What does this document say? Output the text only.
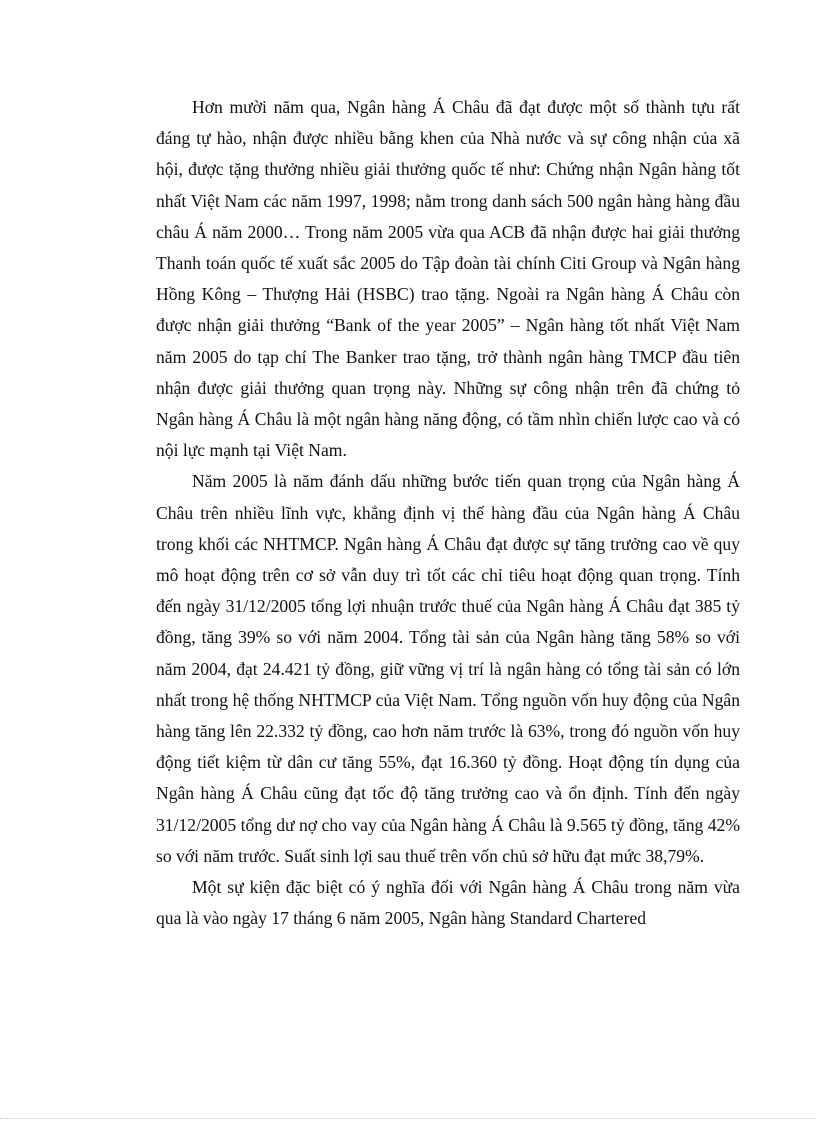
Hơn mười năm qua, Ngân hàng Á Châu đã đạt được một số thành tựu rất đáng tự hào, nhận được nhiều bằng khen của Nhà nước và sự công nhận của xã hội, được tặng thưởng nhiều giải thưởng quốc tế như: Chứng nhận Ngân hàng tốt nhất Việt Nam các năm 1997, 1998; nằm trong danh sách 500 ngân hàng hàng đầu châu Á năm 2000… Trong năm 2005 vừa qua ACB đã nhận được hai giải thưởng Thanh toán quốc tế xuất sắc 2005 do Tập đoàn tài chính Citi Group và Ngân hàng Hồng Kông – Thượng Hải (HSBC) trao tặng. Ngoài ra Ngân hàng Á Châu còn được nhận giải thưởng “Bank of the year 2005” – Ngân hàng tốt nhất Việt Nam năm 2005 do tạp chí The Banker trao tặng, trở thành ngân hàng TMCP đầu tiên nhận được giải thưởng quan trọng này. Những sự công nhận trên đã chứng tỏ Ngân hàng Á Châu là một ngân hàng năng động, có tầm nhìn chiến lược cao và có nội lực mạnh tại Việt Nam.

Năm 2005 là năm đánh dấu những bước tiến quan trọng của Ngân hàng Á Châu trên nhiều lĩnh vực, khẳng định vị thế hàng đầu của Ngân hàng Á Châu trong khối các NHTMCP. Ngân hàng Á Châu đạt được sự tăng trưởng cao về quy mô hoạt động trên cơ sở vẫn duy trì tốt các chỉ tiêu hoạt động quan trọng. Tính đến ngày 31/12/2005 tổng lợi nhuận trước thuế của Ngân hàng Á Châu đạt 385 tỷ đồng, tăng 39% so với năm 2004. Tổng tài sản của Ngân hàng tăng 58% so với năm 2004, đạt 24.421 tỷ đồng, giữ vững vị trí là ngân hàng có tổng tài sản có lớn nhất trong hệ thống NHTMCP của Việt Nam. Tổng nguồn vốn huy động của Ngân hàng tăng lên 22.332 tỷ đồng, cao hơn năm trước là 63%, trong đó nguồn vốn huy động tiết kiệm từ dân cư tăng 55%, đạt 16.360 tỷ đồng. Hoạt động tín dụng của Ngân hàng Á Châu cũng đạt tốc độ tăng trưởng cao và ổn định. Tính đến ngày 31/12/2005 tổng dư nợ cho vay của Ngân hàng Á Châu là 9.565 tỷ đồng, tăng 42% so với năm trước. Suất sinh lợi sau thuế trên vốn chủ sở hữu đạt mức 38,79%.

Một sự kiện đặc biệt có ý nghĩa đối với Ngân hàng Á Châu trong năm vừa qua là vào ngày 17 tháng 6 năm 2005, Ngân hàng Standard Chartered
